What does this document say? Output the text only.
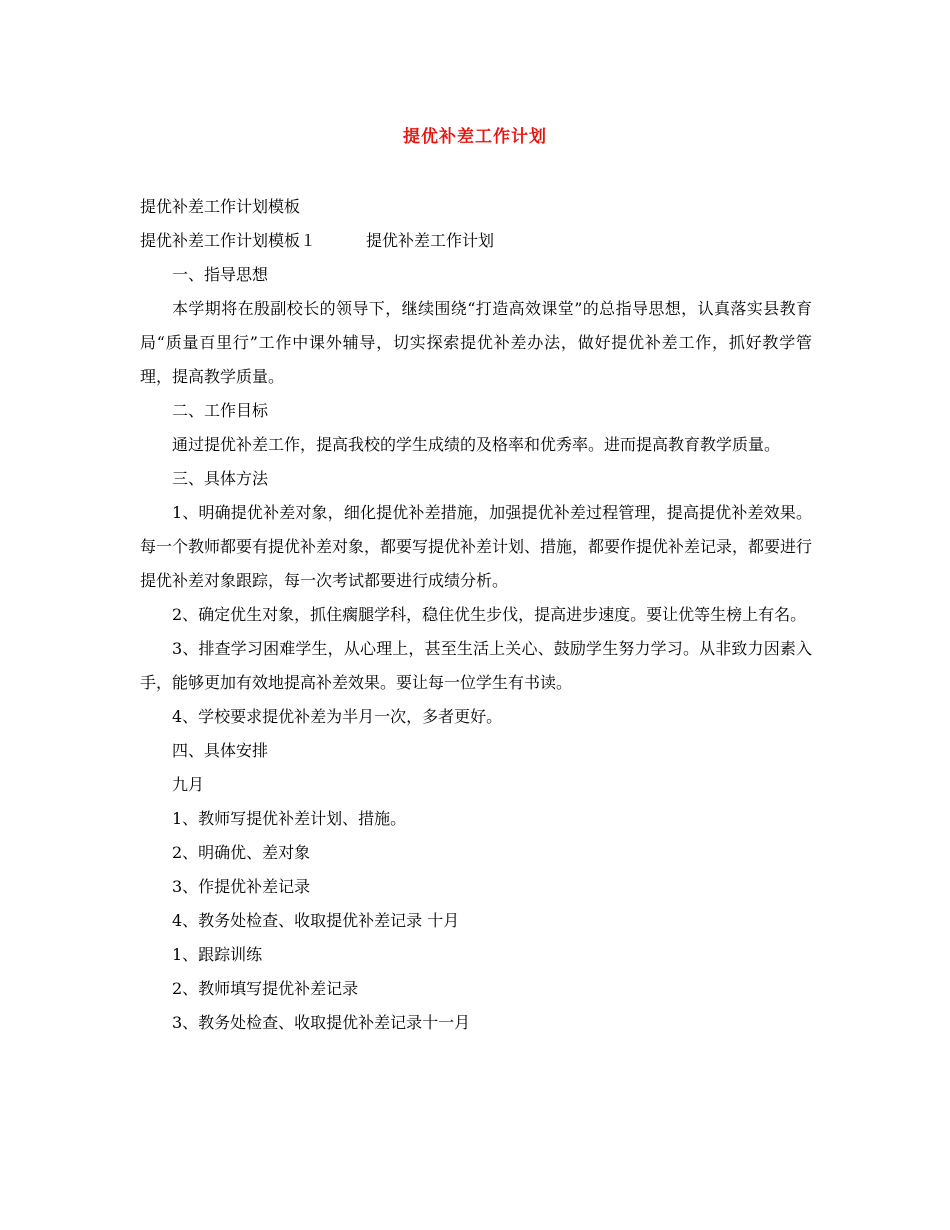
提优补差工作计划
提优补差工作计划模板
提优补差工作计划模板１	提优补差工作计划
一、指导思想

本学期将在殷副校长的领导下，继续围绕“打造高效课堂”的总指导思想，认真落实县教育局“质量百里行”工作中课外辅导，切实探索提优补差办法，做好提优补差工作，抓好教学管理，提高教学质量。

二、工作目标

通过提优补差工作，提高我校的学生成绩的及格率和优秀率。进而提高教育教学质量。

三、具体方法

1、明确提优补差对象，细化提优补差措施，加强提优补差过程管理，提高提优补差效果。每一个教师都要有提优补差对象，都要写提优补差计划、措施，都要作提优补差记录，都要进行提优补差对象跟踪，每一次考试都要进行成绩分析。

2、确定优生对象，抓住瘸腿学科，稳住优生步伐，提高进步速度。要让优等生榜上有名。

3、排查学习困难学生，从心理上，甚至生活上关心、鼓励学生努力学习。从非致力因素入手，能够更加有效地提高补差效果。要让每一位学生有书读。

4、学校要求提优补差为半月一次，多者更好。

四、具体安排
九月
1、教师写提优补差计划、措施。
2、明确优、差对象
3、作提优补差记录
4、教务处检查、收取提优补差记录 十月
1、跟踪训练
2、教师填写提优补差记录
3、教务处检查、收取提优补差记录十一月
